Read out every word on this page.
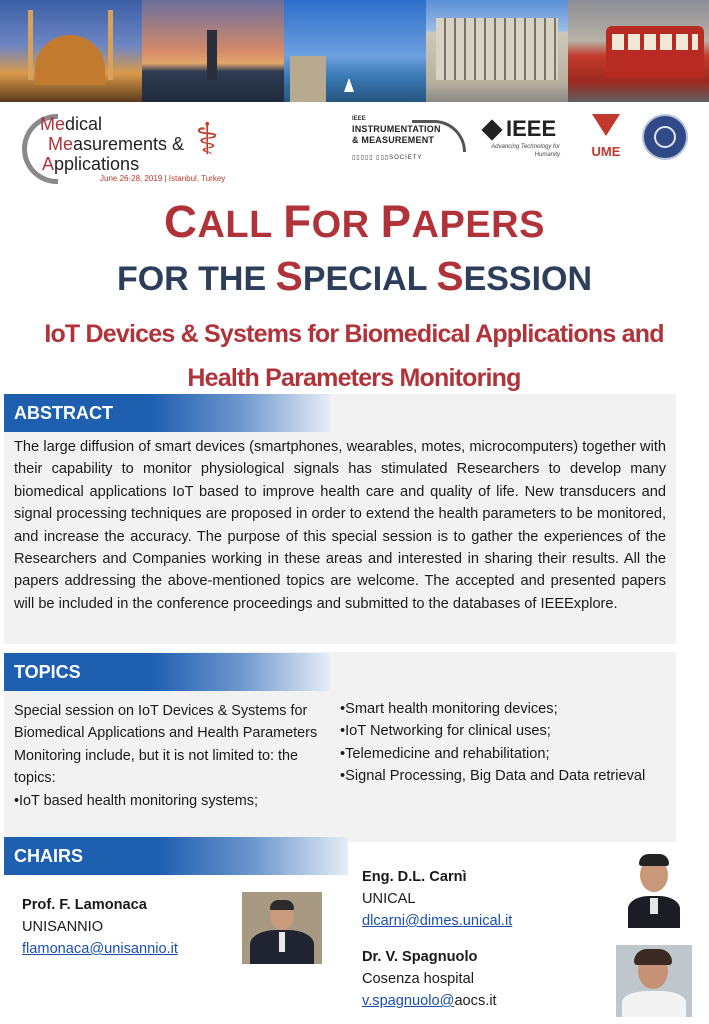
Medical
Measurements &
Applications
June 26-28, 2019 | Istanbul, Turkey
⚕	IEEE
INSTRUMENTATION
& MEASUREMENT
▯▯▯▯▯ ▯▯▯SOCIETY
IEEE
Advancing Technology for Humanity	UME
CALL FOR PAPERS
FOR THE SPECIAL SESSION
IoT Devices & Systems for Biomedical Applications and Health Parameters Monitoring
ABSTRACT
The large diffusion of smart devices (smartphones, wearables, motes, microcomputers) together with their capability to monitor physiological signals has stimulated Researchers to develop many biomedical applications IoT based to improve health care and quality of life. New transducers and signal processing techniques are proposed in order to extend the health parameters to be monitored, and increase the accuracy. The purpose of this special session is to gather the experiences of the Researchers and Companies working in these areas and interested in sharing their results. All the papers addressing the above-mentioned topics are welcome. The accepted and presented papers will be included in the conference proceedings and submitted to the databases of IEEExplore.
TOPICS
Special session on IoT Devices & Systems for Biomedical Applications and Health Parameters Monitoring include, but it is not limited to: the topics:
•IoT based health monitoring systems;
•Smart health monitoring devices;
•IoT Networking for clinical uses;
•Telemedicine and rehabilitation;
•Signal Processing, Big Data and Data retrieval
CHAIRS
Prof. F. Lamonaca
UNISANNIO
flamonaca@unisannio.it
Eng. D.L. Carnì
UNICAL
dlcarni@dimes.unical.it
Dr. V. Spagnuolo
Cosenza hospital
v.spagnuolo@aocs.it
